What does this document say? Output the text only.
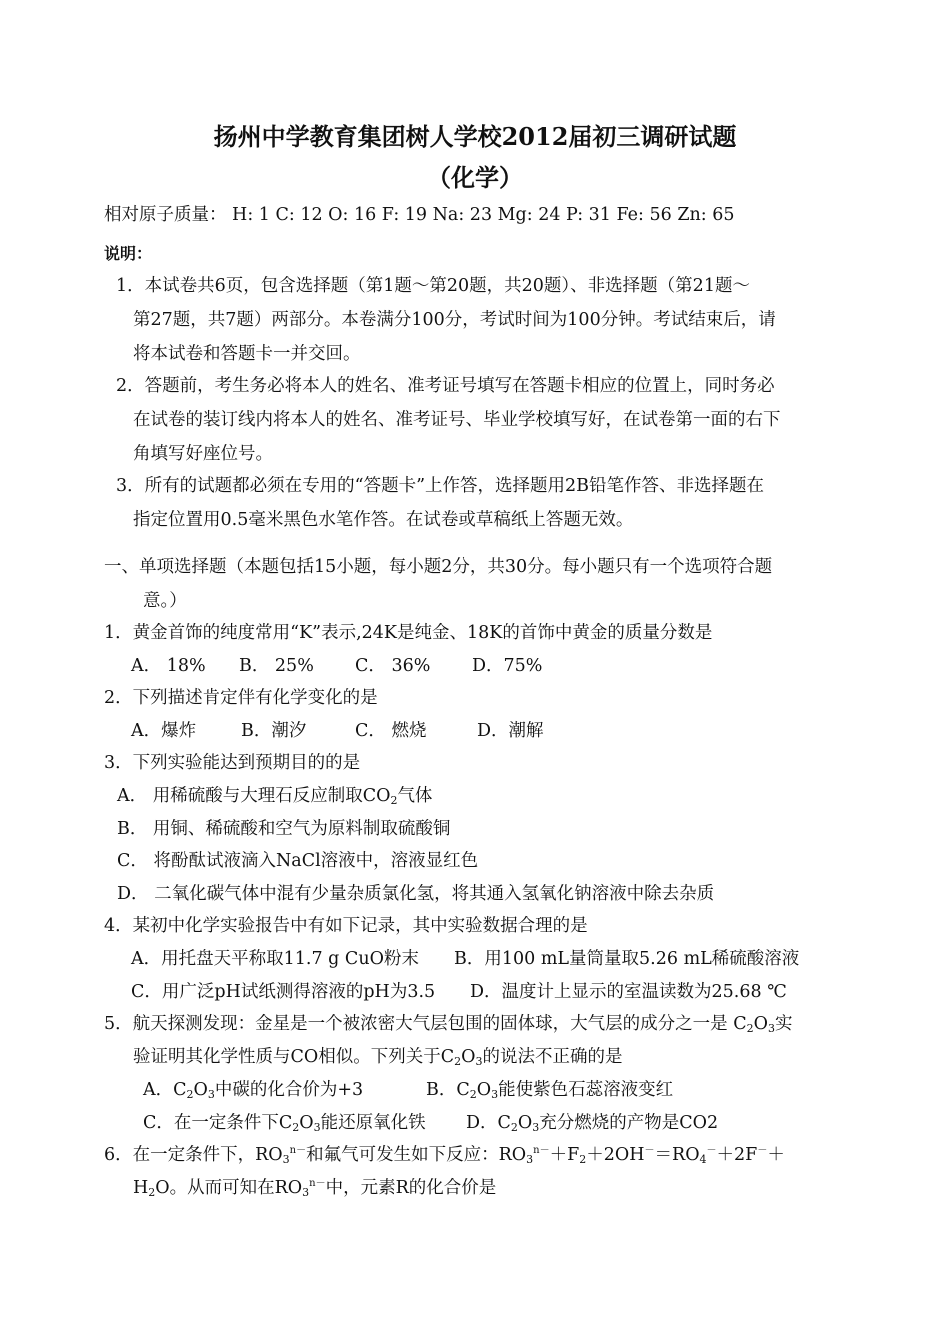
扬州中学教育集团树人学校2012届初三调研试题
（化学）
相对原子质量： H: 1 C: 12 O: 16 F: 19 Na: 23 Mg: 24 P: 31 Fe: 56 Zn: 65
说明：
1．本试卷共6页，包含选择题（第1题～第20题，共20题）、非选择题（第21题～
第27题，共7题）两部分。本卷满分100分，考试时间为100分钟。考试结束后，请
将本试卷和答题卡一并交回。
2．答题前，考生务必将本人的姓名、准考证号填写在答题卡相应的位置上，同时务必
在试卷的装订线内将本人的姓名、准考证号、毕业学校填写好，在试卷第一面的右下
角填写好座位号。
3．所有的试题都必须在专用的“答题卡”上作答，选择题用2B铅笔作答、非选择题在
指定位置用0.5毫米黑色水笔作答。在试卷或草稿纸上答题无效。
一、单项选择题（本题包括15小题，每小题2分，共30分。每小题只有一个选项符合题
意。）
1．黄金首饰的纯度常用“K”表示,24K是纯金、18K的首饰中黄金的质量分数是
A． 18% B． 25% C． 36% D．75%
2．下列描述肯定伴有化学变化的是
A．爆炸	B．潮汐	C． 燃烧	D．潮解
3．下列实验能达到预期目的的是
A． 用稀硫酸与大理石反应制取$CO_2$气体
B． 用铜、稀硫酸和空气为原料制取硫酸铜
C． 将酚酞试液滴入NaCl溶液中，溶液显红色
D． 二氧化碳气体中混有少量杂质氯化氢，将其通入氢氧化钠溶液中除去杂质
4．某初中化学实验报告中有如下记录，其中实验数据合理的是
A．用托盘天平称取11.7 g CuO粉末 B．用100 mL量筒量取5.26 mL稀硫酸溶液
C．用广泛pH试纸测得溶液的pH为3.5 D．温度计上显示的室温读数为25.68 ℃
5．航天探测发现：金星是一个被浓密大气层包围的固体球，大气层的成分之一是 $C_2O_3$实
验证明其化学性质与CO相似。下列关于$C_2O_3$的说法不正确的是
A．$C_2O_3$中碳的化合价为+3	B．$C_2O_3$能使紫色石蕊溶液变红
C．在一定条件下$C_2O_3$能还原氧化铁 D．$C_2O_3$充分燃烧的产物是CO2
6．在一定条件下，$RO_3^{n-}$和氟气可发生如下反应：$RO_3^{n-}+F_2+2OH^-=RO_4^-+2F^-+$
$H_2O$。从而可知在$RO_3^{n-}$中，元素R的化合价是
